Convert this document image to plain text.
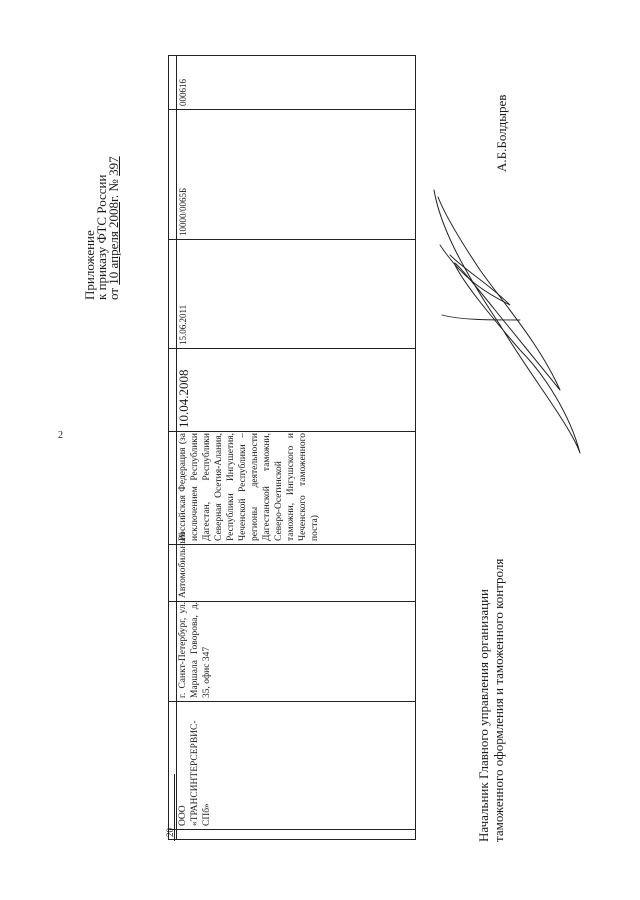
2
Приложение
к приказу ФТС России
от 10 апреля 2008г. № 397
20
ООО «ТРАНСИНТЕРСЕРВИС-СПб»
г. Санкт-Петербург, ул. Маршала Говорова, д. 35, офис 347
Автомобильный
Российская Федерация (за исключением Республики Дагестан, Республики Северная Осетия-Алания, Республики Ингушетия, Чеченской Республики – регионы деятельности Дагестанской таможни, Северо-Осетинской таможни, Ингушского и Чеченского таможенного поста)
10.04.2008
15.06.2011
10000/0065Б
000616
А.Б.Болдырев
Начальник Главного управления организации таможенного оформления и таможенного контроля
